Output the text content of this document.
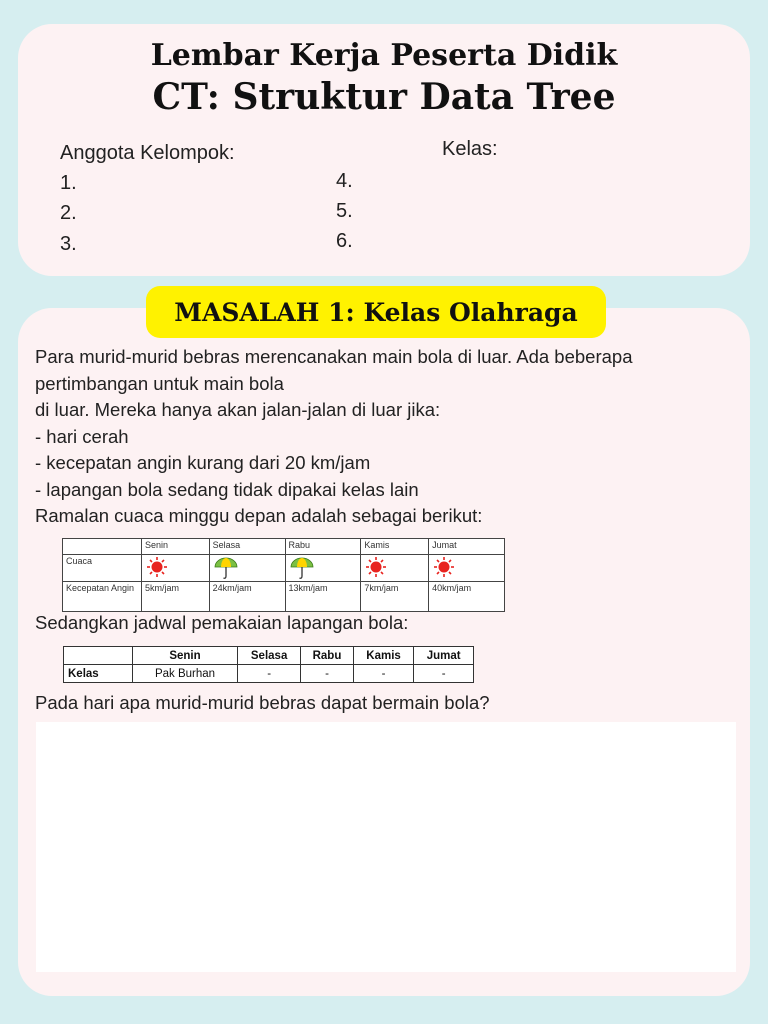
Lembar Kerja Peserta Didik
CT: Struktur Data Tree
Anggota Kelompok:	Kelas:
1.
2.
3.
4.
5.
6.
MASALAH 1: Kelas Olahraga

Para murid-murid bebras merencanakan main bola di luar. Ada beberapa

pertimbangan untuk main bola

di luar. Mereka hanya akan jalan-jalan di luar jika:

- hari cerah

- kecepatan angin kurang dari 20 km/jam

- lapangan bola sedang tidak dipakai kelas lain

Ramalan cuaca minggu depan adalah sebagai berikut:

	Senin	Selasa	Rabu	Kamis	Jumat
Cuaca					
Kecepatan Angin	5km/jam	24km/jam	13km/jam	7km/jam	40km/jam
Sedangkan jadwal pemakaian lapangan bola:
	Senin	Selasa	Rabu	Kamis	Jumat
Kelas	Pak Burhan	-	-	-	-
Pada hari apa murid-murid bebras dapat bermain bola?
